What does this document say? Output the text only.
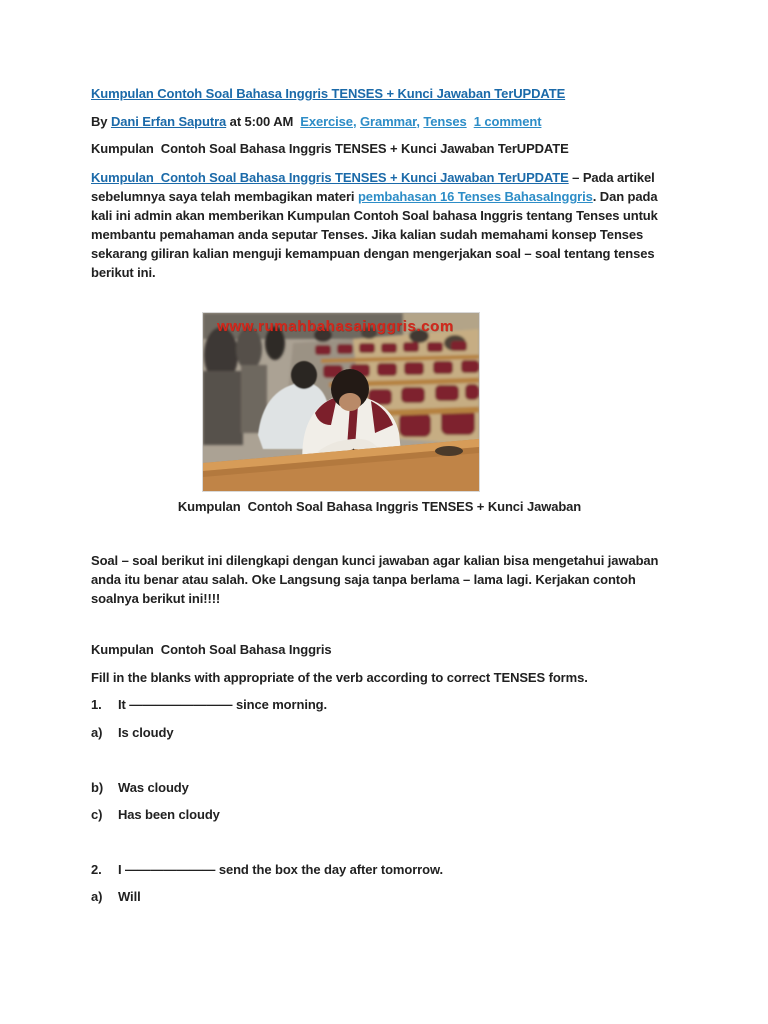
Kumpulan Contoh Soal Bahasa Inggris TENSES + Kunci Jawaban TerUPDATE
By Dani Erfan Saputra at 5:00 AM  Exercise, Grammar, Tenses 1 comment
Kumpulan  Contoh Soal Bahasa Inggris TENSES + Kunci Jawaban TerUPDATE
Kumpulan  Contoh Soal Bahasa Inggris TENSES + Kunci Jawaban TerUPDATE – Pada artikel sebelumnya saya telah membagikan materi pembahasan 16 Tenses BahasaInggris. Dan pada kali ini admin akan memberikan Kumpulan Contoh Soal bahasa Inggris tentang Tenses untuk membantu pemahaman anda seputar Tenses. Jika kalian sudah memahami konsep Tenses sekarang giliran kalian menguji kemampuan dengan mengerjakan soal – soal tentang tenses berikut ini.
www.rumahbahasainggris.com
Kumpulan  Contoh Soal Bahasa Inggris TENSES + Kunci Jawaban
Soal – soal berikut ini dilengkapi dengan kunci jawaban agar kalian bisa mengetahui jawaban anda itu benar atau salah. Oke Langsung saja tanpa berlama – lama lagi. Kerjakan contoh soalnya berikut ini!!!!
Kumpulan  Contoh Soal Bahasa Inggris
Fill in the blanks with appropriate of the verb according to correct TENSES forms.
1.	It ———————— since morning.
a)	Is cloudy
b)	Was cloudy
c)	Has been cloudy
2.	I ——————— send the box the day after tomorrow.
a)	Will
